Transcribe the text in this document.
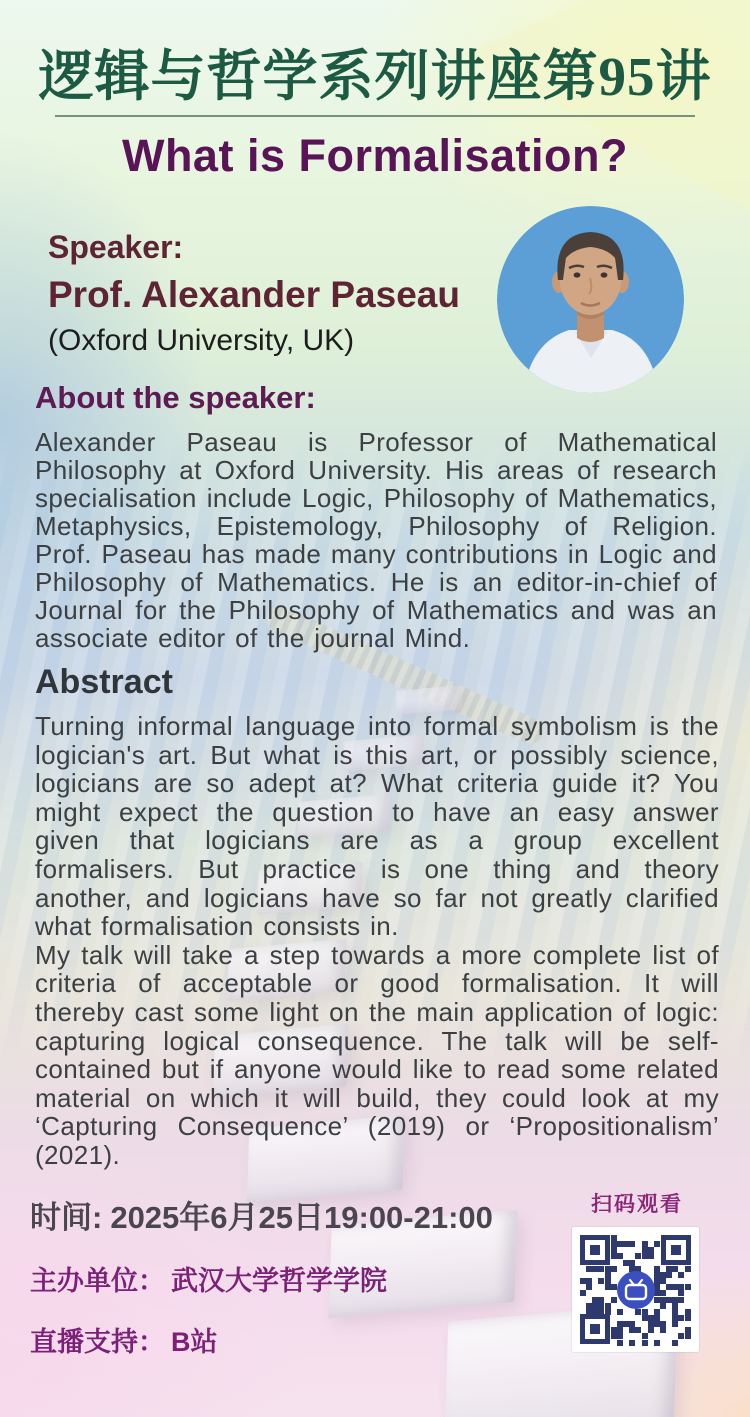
逻辑与哲学系列讲座第95讲
What is Formalisation?
Speaker:
Prof. Alexander Paseau
(Oxford University, UK)
About the speaker:
Alexander Paseau is Professor of Mathematical Philosophy at Oxford University. His areas of research specialisation include Logic, Philosophy of Mathematics, Metaphysics, Epistemology, Philosophy of Religion. Prof. Paseau has made many contributions in Logic and Philosophy of Mathematics. He is an editor-in-chief of Journal for the Philosophy of Mathematics and was an associate editor of the journal Mind.
Abstract

Turning informal language into formal symbolism is the logician's art. But what is this art, or possibly science, logicians are so adept at? What criteria guide it? You might expect the question to have an easy answer given that logicians are as a group excellent formalisers. But practice is one thing and theory another, and logicians have so far not greatly clarified what formalisation consists in.

My talk will take a step towards a more complete list of criteria of acceptable or good formalisation. It will thereby cast some light on the main application of logic: capturing logical consequence. The talk will be self-contained but if anyone would like to read some related material on which it will build, they could look at my ‘Capturing Consequence’ (2019) or ‘Propositionalism’ (2021).

时间: 2025年6月25日19:00-21:00
主办单位： 武汉大学哲学学院
直播支持： B站
扫码观看
